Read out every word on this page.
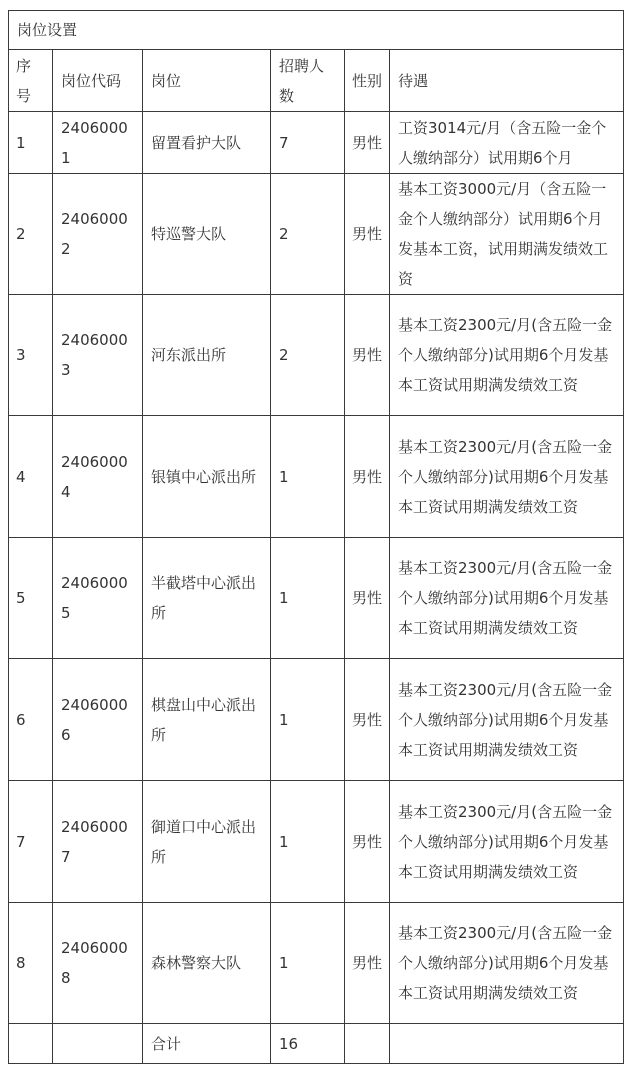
岗位设置					
序号	岗位代码	岗位	招聘人数	性别	待遇
1	24060001	留置看护大队	7	男性	工资3014元/月（含五险一金个人缴纳部分）试用期6个月
2	24060002	特巡警大队	2	男性	基本工资3000元/月（含五险一金个人缴纳部分）试用期6个月发基本工资，试用期满发绩效工资
3	24060003	河东派出所	2	男性	基本工资2300元/月(含五险一金个人缴纳部分)试用期6个月发基本工资试用期满发绩效工资
4	24060004	银镇中心派出所	1	男性	基本工资2300元/月(含五险一金个人缴纳部分)试用期6个月发基本工资试用期满发绩效工资
5	24060005	半截塔中心派出所	1	男性	基本工资2300元/月(含五险一金个人缴纳部分)试用期6个月发基本工资试用期满发绩效工资
6	24060006	棋盘山中心派出所	1	男性	基本工资2300元/月(含五险一金个人缴纳部分)试用期6个月发基本工资试用期满发绩效工资
7	24060007	御道口中心派出所	1	男性	基本工资2300元/月(含五险一金个人缴纳部分)试用期6个月发基本工资试用期满发绩效工资
8	24060008	森林警察大队	1	男性	基本工资2300元/月(含五险一金个人缴纳部分)试用期6个月发基本工资试用期满发绩效工资
		合计	16		
